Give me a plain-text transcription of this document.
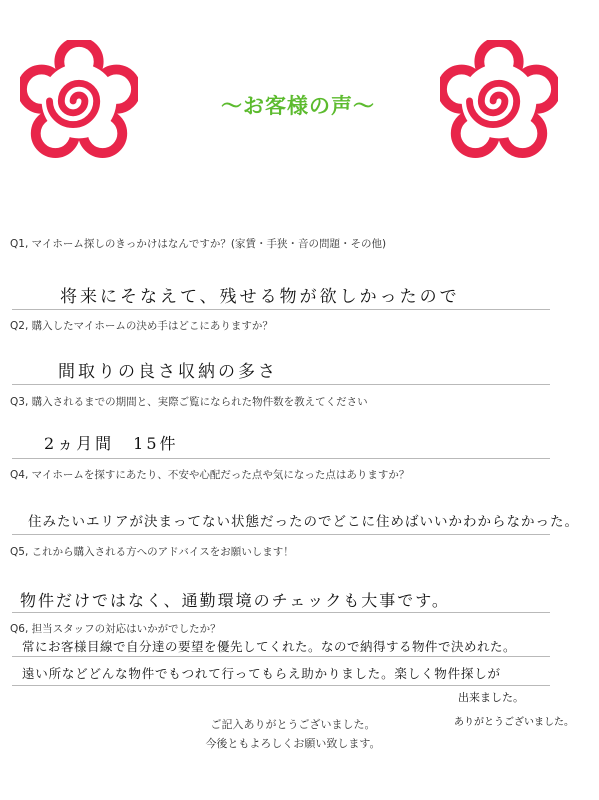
〜お客様の声〜
Q1, マイホーム探しのきっかけはなんですか？(家賃・手狭・音の問題・その他)
将来にそなえて、残せる物が欲しかったので
Q2, 購入したマイホームの決め手はどこにありますか？
間取りの良さ収納の多さ
Q3, 購入されるまでの期間と、実際ご覧になられた物件数を教えてください
2ヵ月間　15件
Q4, マイホームを探すにあたり、不安や心配だった点や気になった点はありますか？
住みたいエリアが決まってない状態だったのでどこに住めばいいかわからなかった。
Q5, これから購入される方へのアドバイスをお願いします！
物件だけではなく、通勤環境のチェックも大事です。
Q6, 担当スタッフの対応はいかがでしたか？
常にお客様目線で自分達の要望を優先してくれた。なので納得する物件で決めれた。
遠い所などどんな物件でもつれて行ってもらえ助かりました。楽しく物件探しが
出来ました。
ありがとうございました。
ご記入ありがとうございました。
今後ともよろしくお願い致します。
